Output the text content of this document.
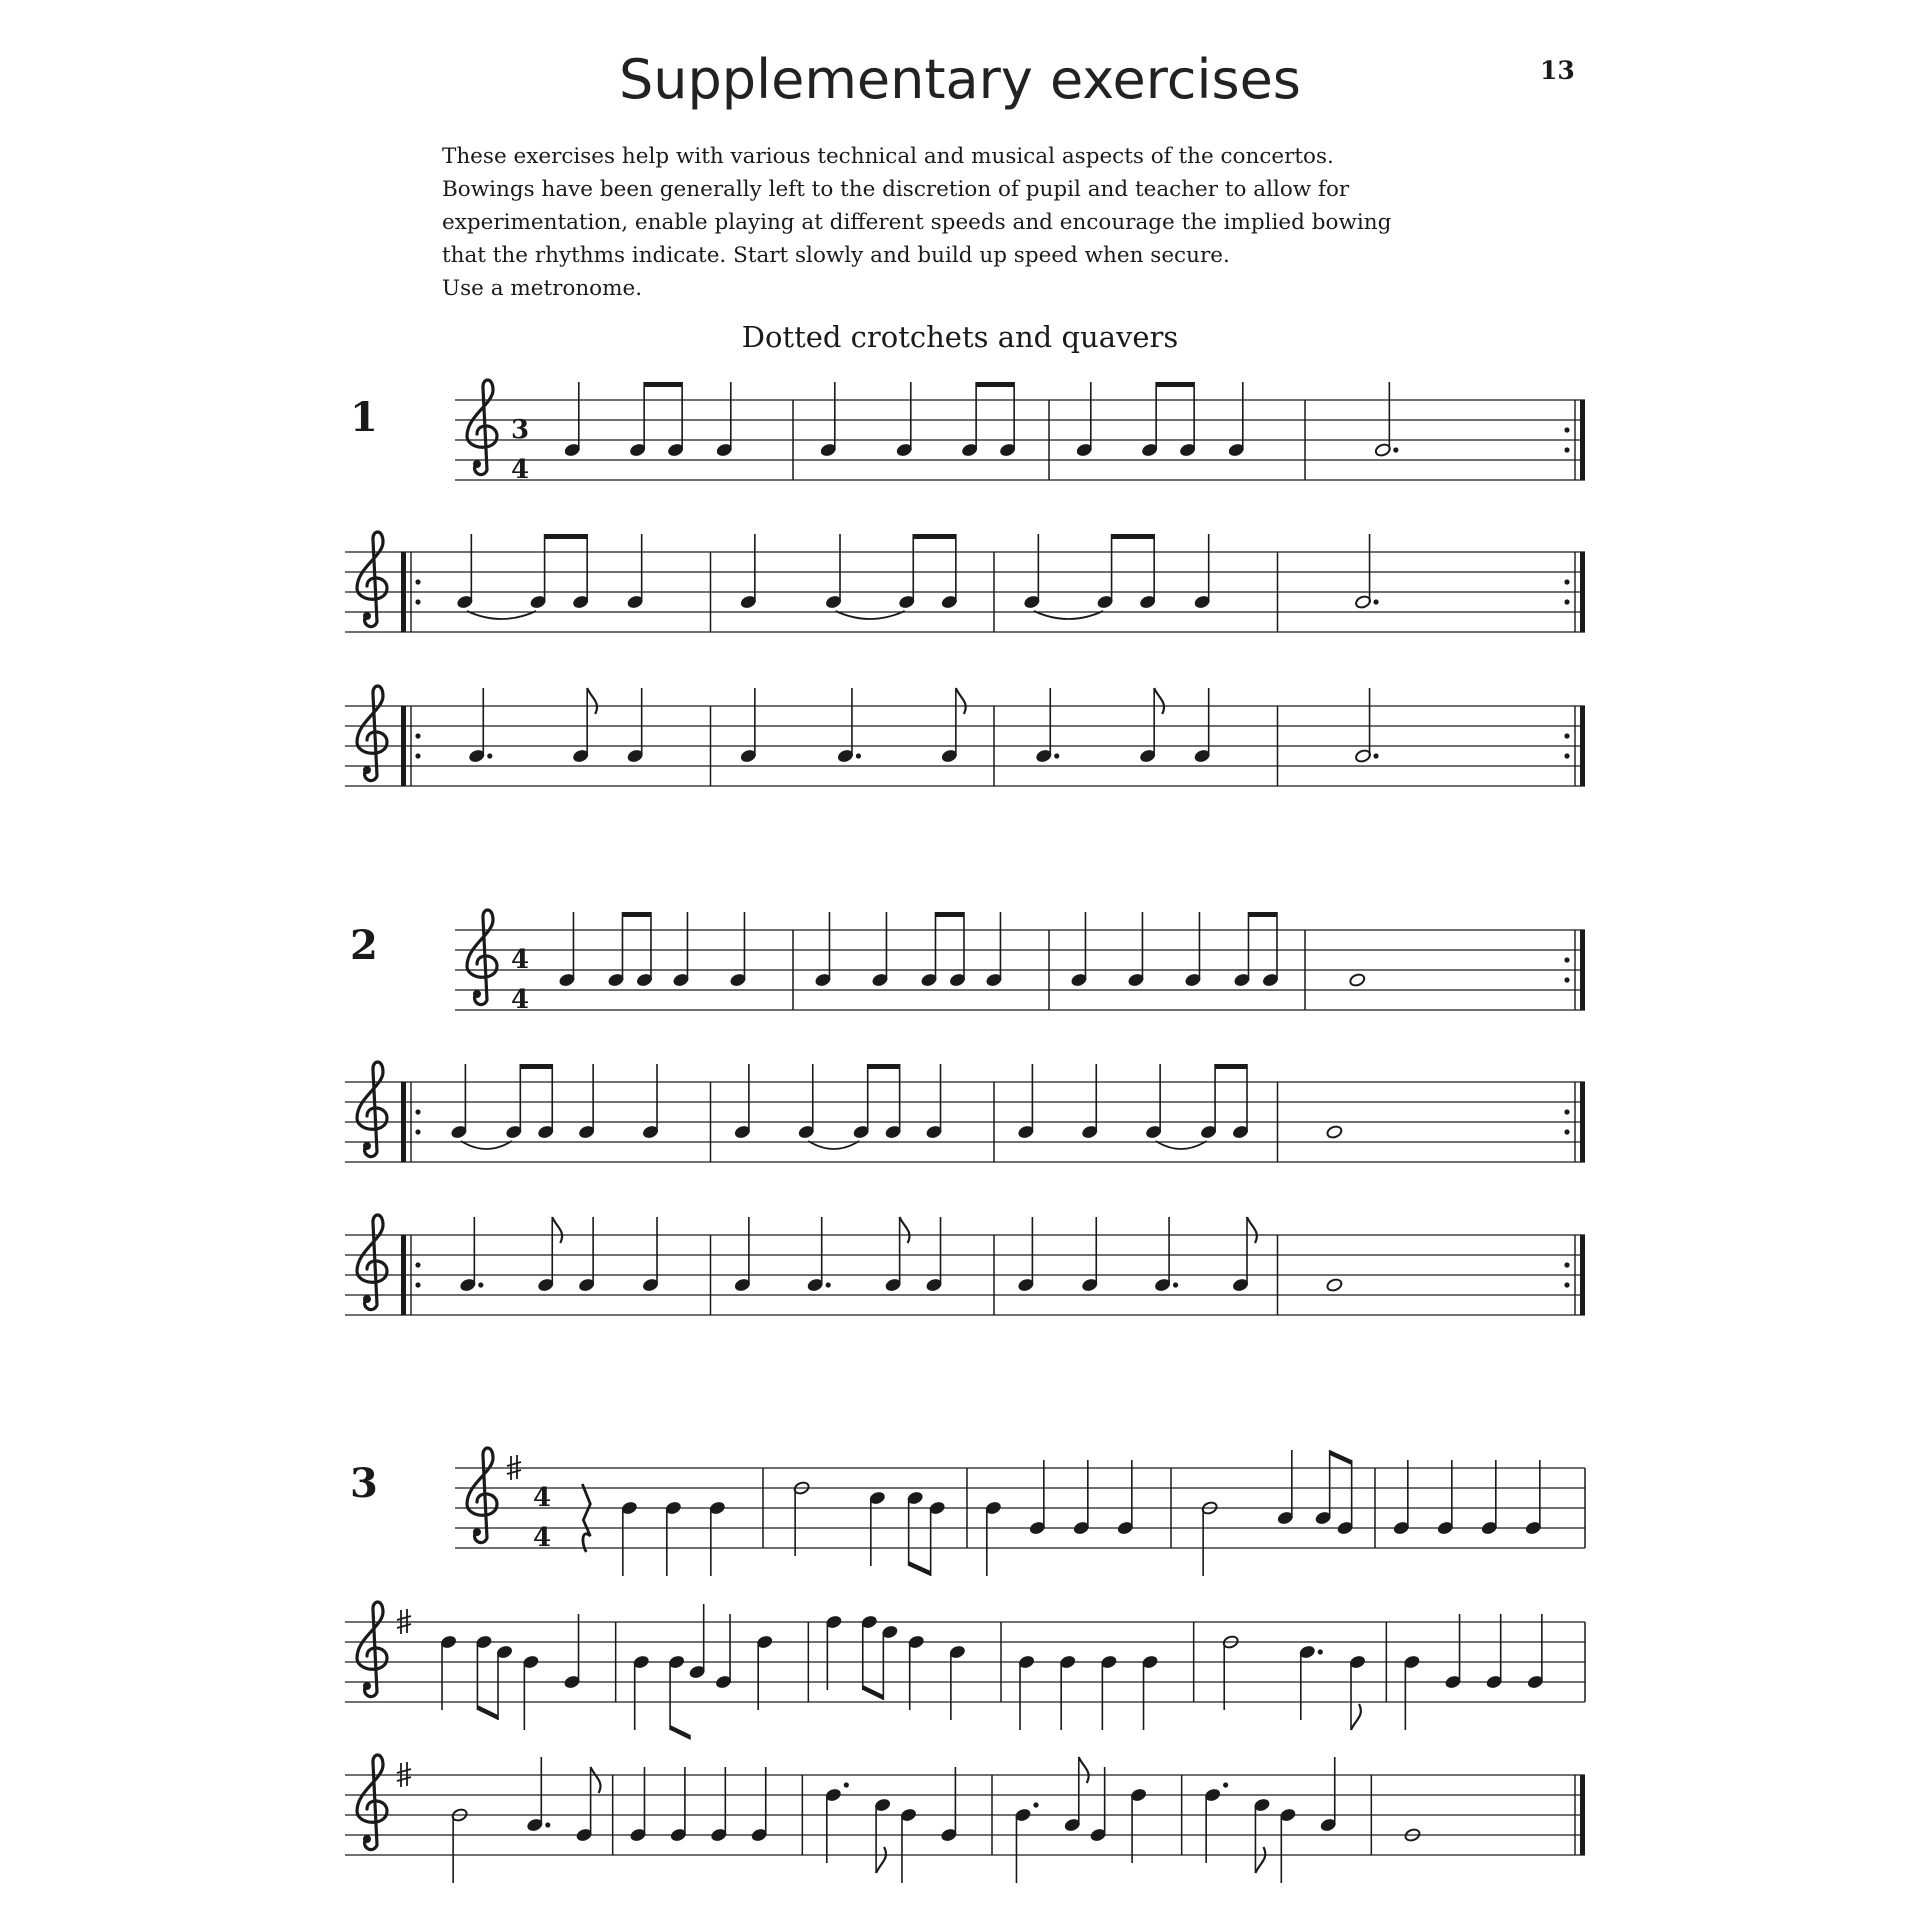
Supplementary exercises	13
These exercises help with various technical and musical aspects of the concertos.
Bowings have been generally left to the discretion of pupil and teacher to allow for
experimentation, enable playing at different speeds and encourage the implied bowing
that the rhythms indicate. Start slowly and build up speed when secure.
Use a metronome.
Dotted crotchets and quavers
1
2
3
3
4
4
4
4
4
